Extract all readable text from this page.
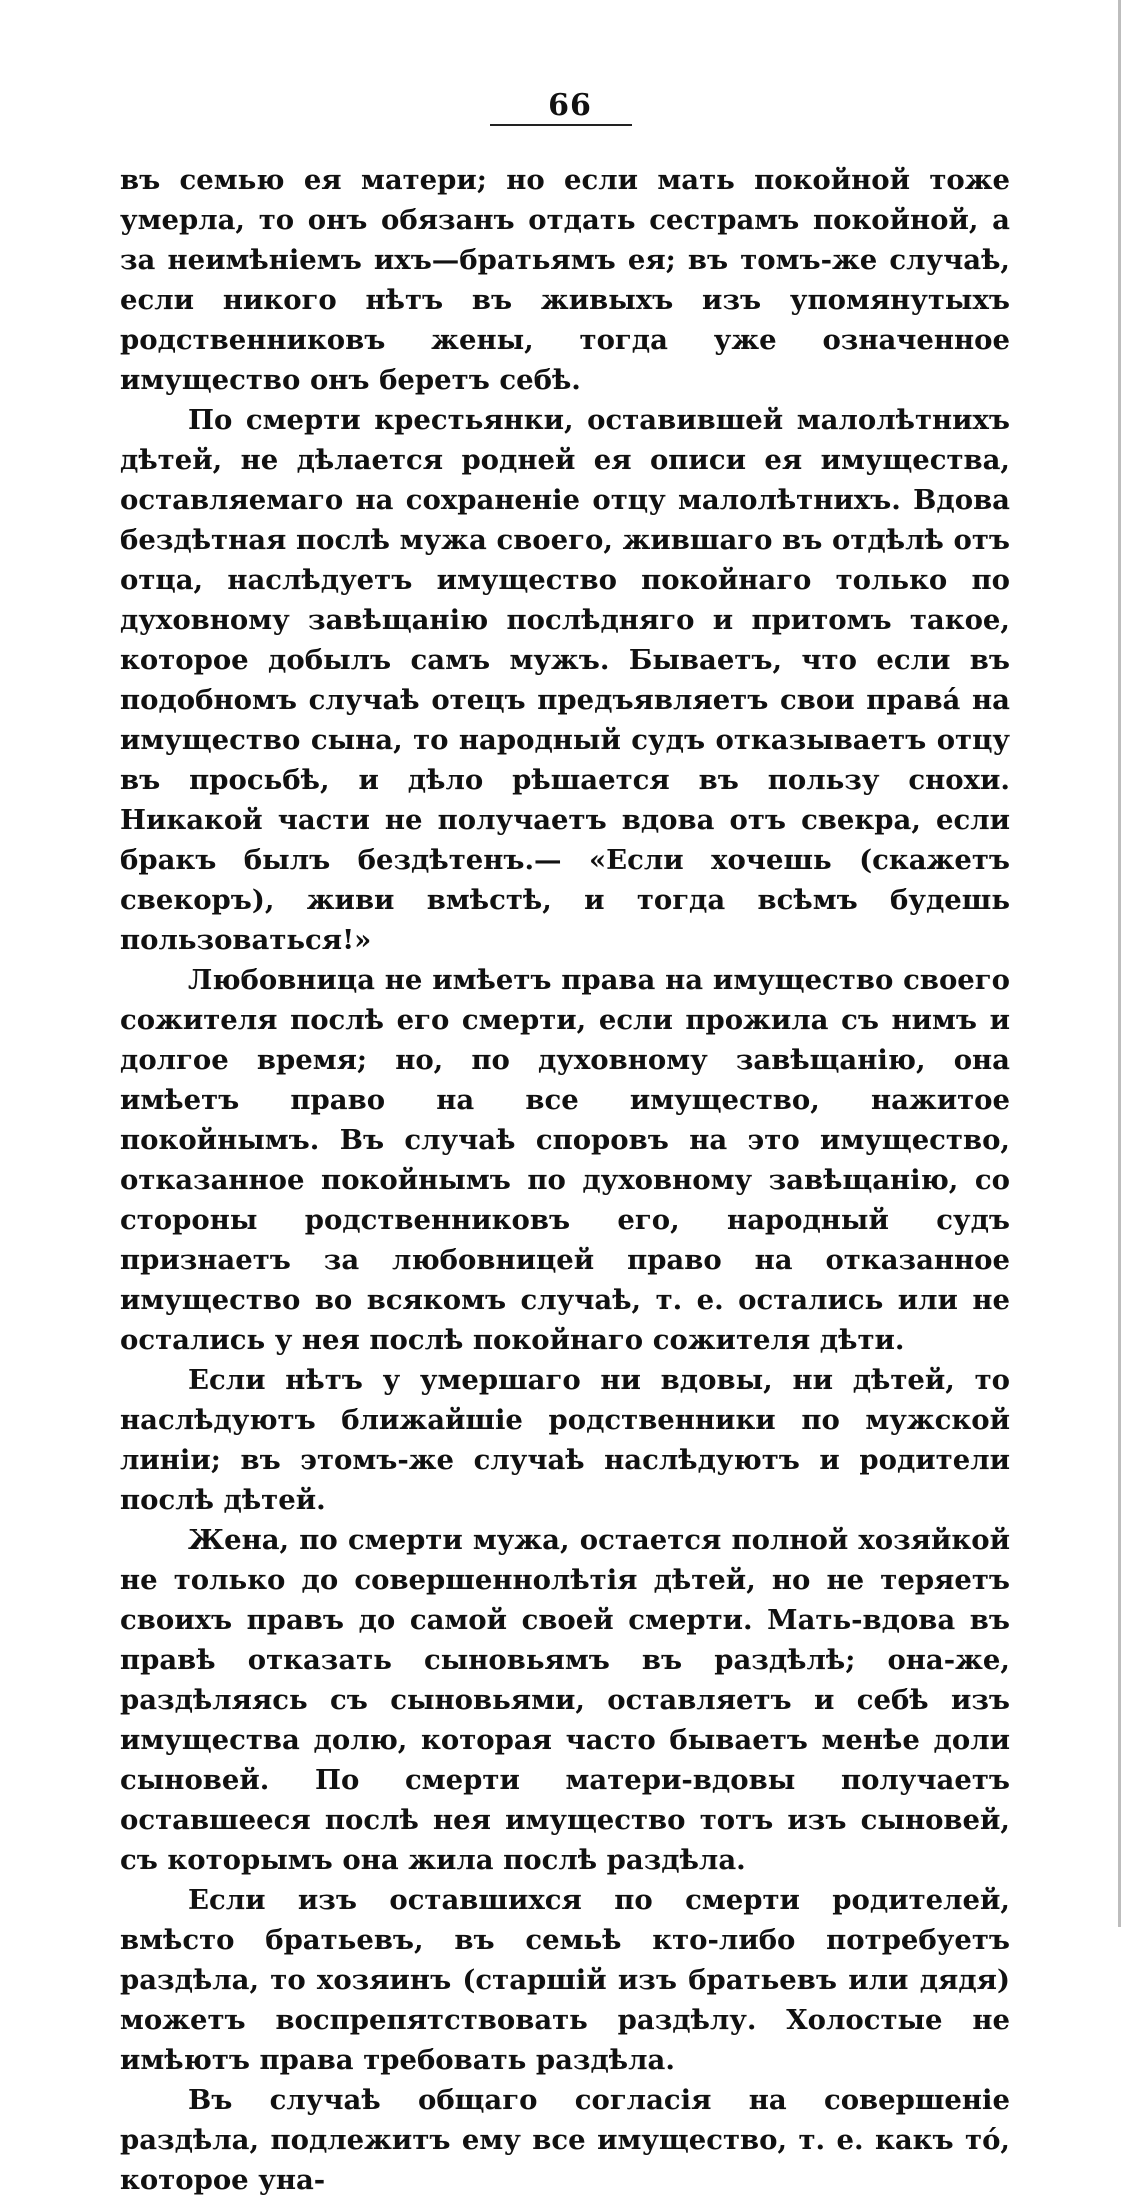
66

въ семью ея матери; но если мать покойной тоже умерла, то онъ обязанъ отдать сестрамъ покойной, а за неимѣніемъ ихъ—братьямъ ея; въ томъ-же случаѣ, если никого нѣтъ въ живыхъ изъ упомянутыхъ родственниковъ жены, тогда уже означенное имущество онъ беретъ себѣ.

По смерти крестьянки, оставившей малолѣтнихъ дѣтей, не дѣлается родней ея описи ея имущества, оставляемаго на сохраненіе отцу малолѣтнихъ. Вдова бездѣтная послѣ мужа своего, жившаго въ отдѣлѣ отъ отца, наслѣдуетъ имущество покойнаго только по духовному завѣщанію послѣдняго и притомъ такое, которое добылъ самъ мужъ. Бываетъ, что если въ подобномъ случаѣ отецъ предъявляетъ свои права́ на имущество сына, то народный судъ отказываетъ отцу въ просьбѣ, и дѣло рѣшается въ пользу снохи. Никакой части не получаетъ вдова отъ свекра, если бракъ былъ бездѣтенъ.— «Если хочешь (скажетъ свекоръ), живи вмѣстѣ, и тогда всѣмъ будешь пользоваться!»

Любовница не имѣетъ права на имущество своего сожителя послѣ его смерти, если прожила съ нимъ и долгое время; но, по духовному завѣщанію, она имѣетъ право на все имущество, нажитое покойнымъ. Въ случаѣ споровъ на это имущество, отказанное покойнымъ по духовному завѣщанію, со стороны родственниковъ его, народный судъ признаетъ за любовницей право на отказанное имущество во всякомъ случаѣ, т. е. остались или не остались у нея послѣ покойнаго сожителя дѣти.

Если нѣтъ у умершаго ни вдовы, ни дѣтей, то наслѣдуютъ ближайшіе родственники по мужской линіи; въ этомъ-же случаѣ наслѣдуютъ и родители послѣ дѣтей.

Жена, по смерти мужа, остается полной хозяйкой не только до совершеннолѣтія дѣтей, но не теряетъ своихъ правъ до самой своей смерти. Мать-вдова въ правѣ отказать сыновьямъ въ раздѣлѣ; она-же, раздѣляясь съ сыновьями, оставляетъ и себѣ изъ имущества долю, которая часто бываетъ менѣе доли сыновей. По смерти матери-вдовы получаетъ оставшееся послѣ нея имущество тотъ изъ сыновей, съ которымъ она жила послѣ раздѣла.

Если изъ оставшихся по смерти родителей, вмѣсто братьевъ, въ семьѣ кто-либо потребуетъ раздѣла, то хозяинъ (старшій изъ братьевъ или дядя) можетъ воспрепятствовать раздѣлу. Холостые не имѣютъ права требовать раздѣла.

Въ случаѣ общаго согласія на совершеніе раздѣла, подлежитъ ему все имущество, т. е. какъ то́, которое уна-
